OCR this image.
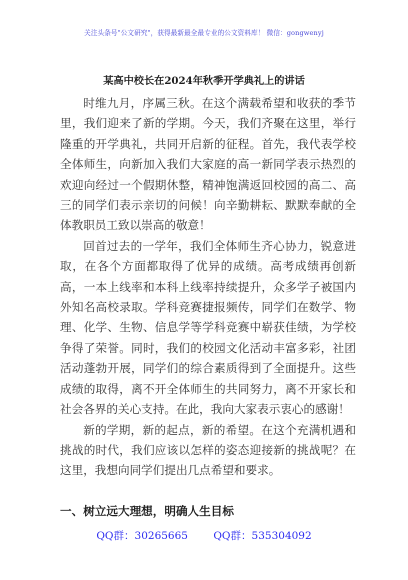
关注头条号"公文研究"，获得最新最全最专业的公文资料库！ 微信：gongwenyj
某高中校长在2024年秋季开学典礼上的讲话

时维九月，序属三秋。在这个满载希望和收获的季节里，我们迎来了新的学期。今天，我们齐聚在这里，举行隆重的开学典礼，共同开启新的征程。首先，我代表学校全体师生，向新加入我们大家庭的高一新同学表示热烈的欢迎向经过一个假期休整，精神饱满返回校园的高二、高三的同学们表示亲切的问候！向辛勤耕耘、默默奉献的全体教职员工致以崇高的敬意！

回首过去的一学年，我们全体师生齐心协力，锐意进取，在各个方面都取得了优异的成绩。高考成绩再创新高，一本上线率和本科上线率持续提升，众多学子被国内外知名高校录取。学科竞赛捷报频传，同学们在数学、物理、化学、生物、信息学等学科竞赛中崭获佳绩，为学校争得了荣誉。同时，我们的校园文化活动丰富多彩，社团活动蓬勃开展，同学们的综合素质得到了全面提升。这些成绩的取得，离不开全体师生的共同努力，离不开家长和社会各界的关心支持。在此，我向大家表示衷心的感谢！

新的学期，新的起点，新的希望。在这个充满机遇和挑战的时代，我们应该以怎样的姿态迎接新的挑战呢？在这里，我想向同学们提出几点希望和要求。

一、树立远大理想，明确人生目标
QQ群：30265665 QQ群：535304092
